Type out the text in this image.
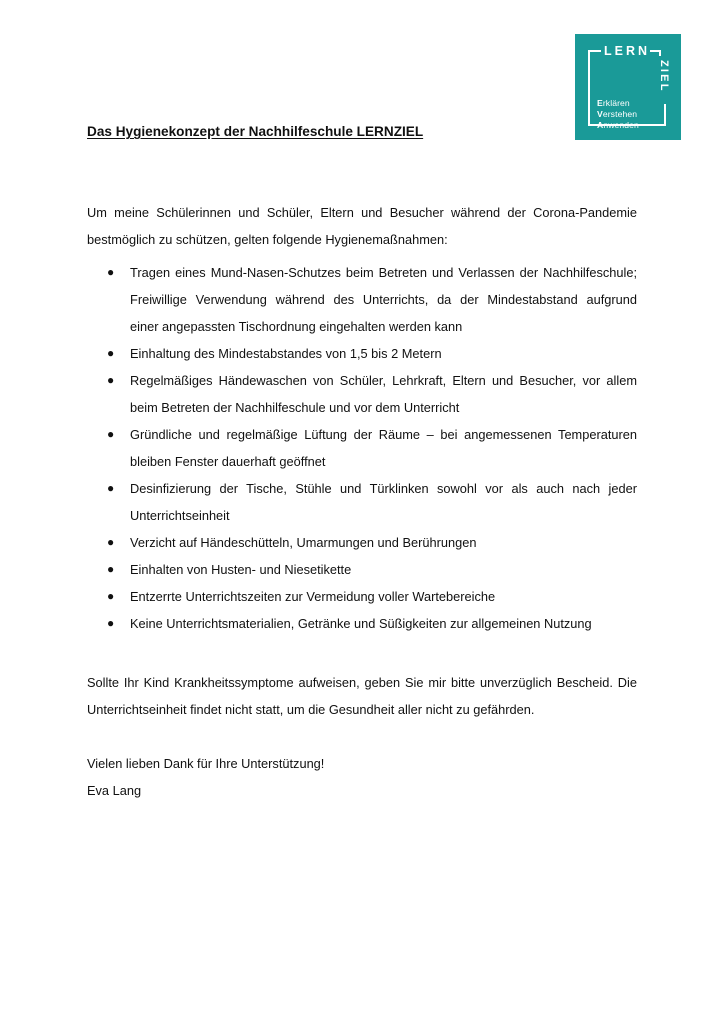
LERN
ZIEL
Erklären
Verstehen
Anwenden
Das Hygienekonzept der Nachhilfeschule LERNZIEL
Um meine Schülerinnen und Schüler, Eltern und Besucher während der Corona-Pandemie
bestmöglich zu schützen, gelten folgende Hygienemaßnahmen:
● Tragen eines Mund-Nasen-Schutzes beim Betreten und Verlassen der Nachhilfeschule;
Freiwillige Verwendung während des Unterrichts, da der Mindestabstand aufgrund
einer angepassten Tischordnung eingehalten werden kann
● Einhaltung des Mindestabstandes von 1,5 bis 2 Metern
● Regelmäßiges Händewaschen von Schüler, Lehrkraft, Eltern und Besucher, vor allem
beim Betreten der Nachhilfeschule und vor dem Unterricht
● Gründliche und regelmäßige Lüftung der Räume – bei angemessenen Temperaturen
bleiben Fenster dauerhaft geöffnet
● Desinfizierung der Tische, Stühle und Türklinken sowohl vor als auch nach jeder
Unterrichtseinheit
● Verzicht auf Händeschütteln, Umarmungen und Berührungen
● Einhalten von Husten- und Niesetikette
● Entzerrte Unterrichtszeiten zur Vermeidung voller Wartebereiche
● Keine Unterrichtsmaterialien, Getränke und Süßigkeiten zur allgemeinen Nutzung
Sollte Ihr Kind Krankheitssymptome aufweisen, geben Sie mir bitte unverzüglich Bescheid. Die
Unterrichtseinheit findet nicht statt, um die Gesundheit aller nicht zu gefährden.
Vielen lieben Dank für Ihre Unterstützung!
Eva Lang
